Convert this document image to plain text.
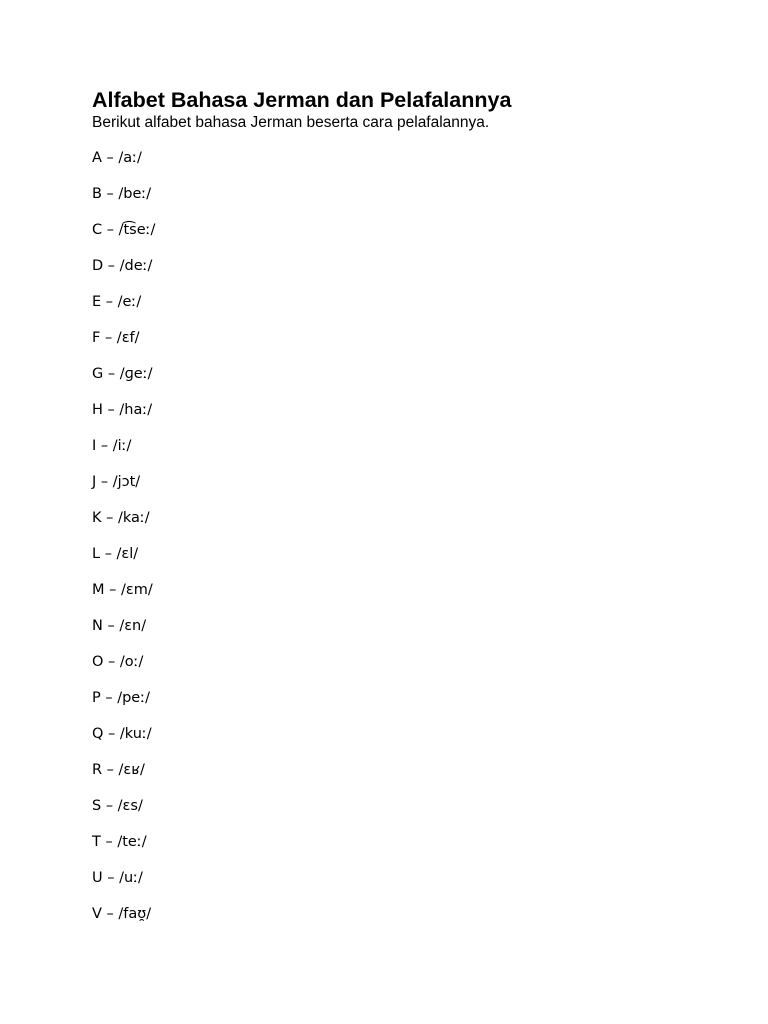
Alfabet Bahasa Jerman dan Pelafalannya

Berikut alfabet bahasa Jerman beserta cara pelafalannya.

A – /aː/
B – /beː/
C – /t͡seː/
D – /deː/
E – /eː/
F – /ɛf/
G – /ɡeː/
H – /haː/
I – /iː/
J – /jɔt/
K – /kaː/
L – /ɛl/
M – /ɛm/
N – /ɛn/
O – /oː/
P – /peː/
Q – /kuː/
R – /ɛʁ/
S – /ɛs/
T – /teː/
U – /uː/
V – /faʊ̯/
